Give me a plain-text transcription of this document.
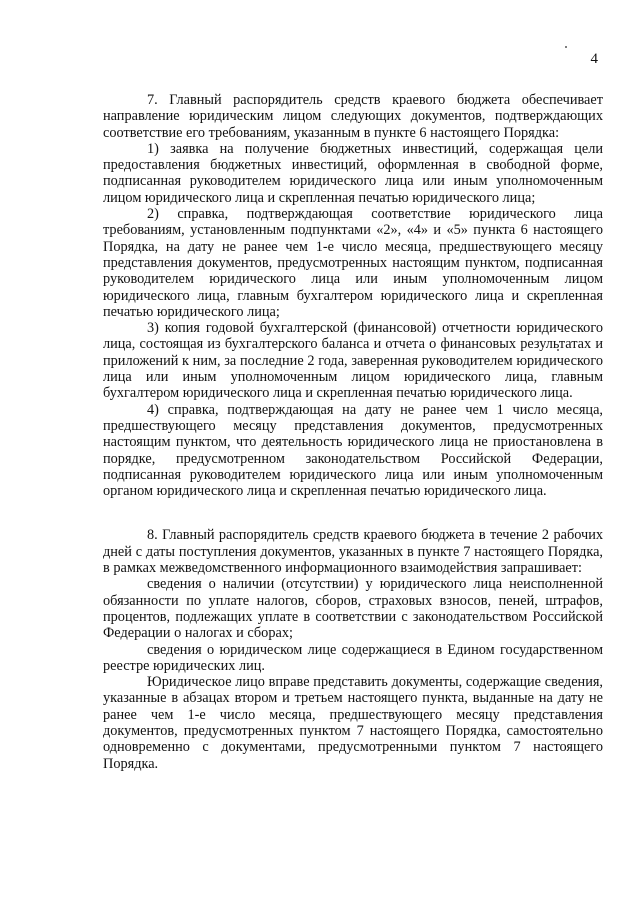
4

7. Главный распорядитель средств краевого бюджета обеспечивает направление юридическим лицом следующих документов, подтверждающих соответствие его требованиям, указанным в пункте 6 настоящего Порядка:

1) заявка на получение бюджетных инвестиций, содержащая цели предоставления бюджетных инвестиций, оформленная в свободной форме, подписанная руководителем юридического лица или иным уполномоченным лицом юридического лица и скрепленная печатью юридического лица;

2) справка, подтверждающая соответствие юридического лица требованиям, установленным подпунктами «2», «4» и «5» пункта 6 настоящего Порядка, на дату не ранее чем 1-е число месяца, предшествующего месяцу представления документов, предусмотренных настоящим пунктом, подписанная руководителем юридического лица или иным уполномоченным лицом юридического лица, главным бухгалтером юридического лица и скрепленная печатью юридического лица;

3) копия годовой бухгалтерской (финансовой) отчетности юридического лица, состоящая из бухгалтерского баланса и отчета о финансовых результатах и приложений к ним, за последние 2 года, заверенная руководителем юридического лица или иным уполномоченным лицом юридического лица, главным бухгалтером юридического лица и скрепленная печатью юридического лица.

4) справка, подтверждающая на дату не ранее чем 1 число месяца, предшествующего месяцу представления документов, предусмотренных настоящим пунктом, что деятельность юридического лица не приостановлена в порядке, предусмотренном законодательством Российской Федерации, подписанная руководителем юридического лица или иным уполномоченным органом юридического лица и скрепленная печатью юридического лица.

8. Главный распорядитель средств краевого бюджета в течение 2 рабочих дней с даты поступления документов, указанных в пункте 7 настоящего Порядка, в рамках межведомственного информационного взаимодействия запрашивает:

сведения о наличии (отсутствии) у юридического лица неисполненной обязанности по уплате налогов, сборов, страховых взносов, пеней, штрафов, процентов, подлежащих уплате в соответствии с законодательством Российской Федерации о налогах и сборах;

сведения о юридическом лице содержащиеся в Едином государственном реестре юридических лиц.

Юридическое лицо вправе представить документы, содержащие сведения, указанные в абзацах втором и третьем настоящего пункта, выданные на дату не ранее чем 1-е число месяца, предшествующего месяцу представления документов, предусмотренных пунктом 7 настоящего Порядка, самостоятельно одновременно с документами, предусмотренными пунктом 7 настоящего Порядка.
